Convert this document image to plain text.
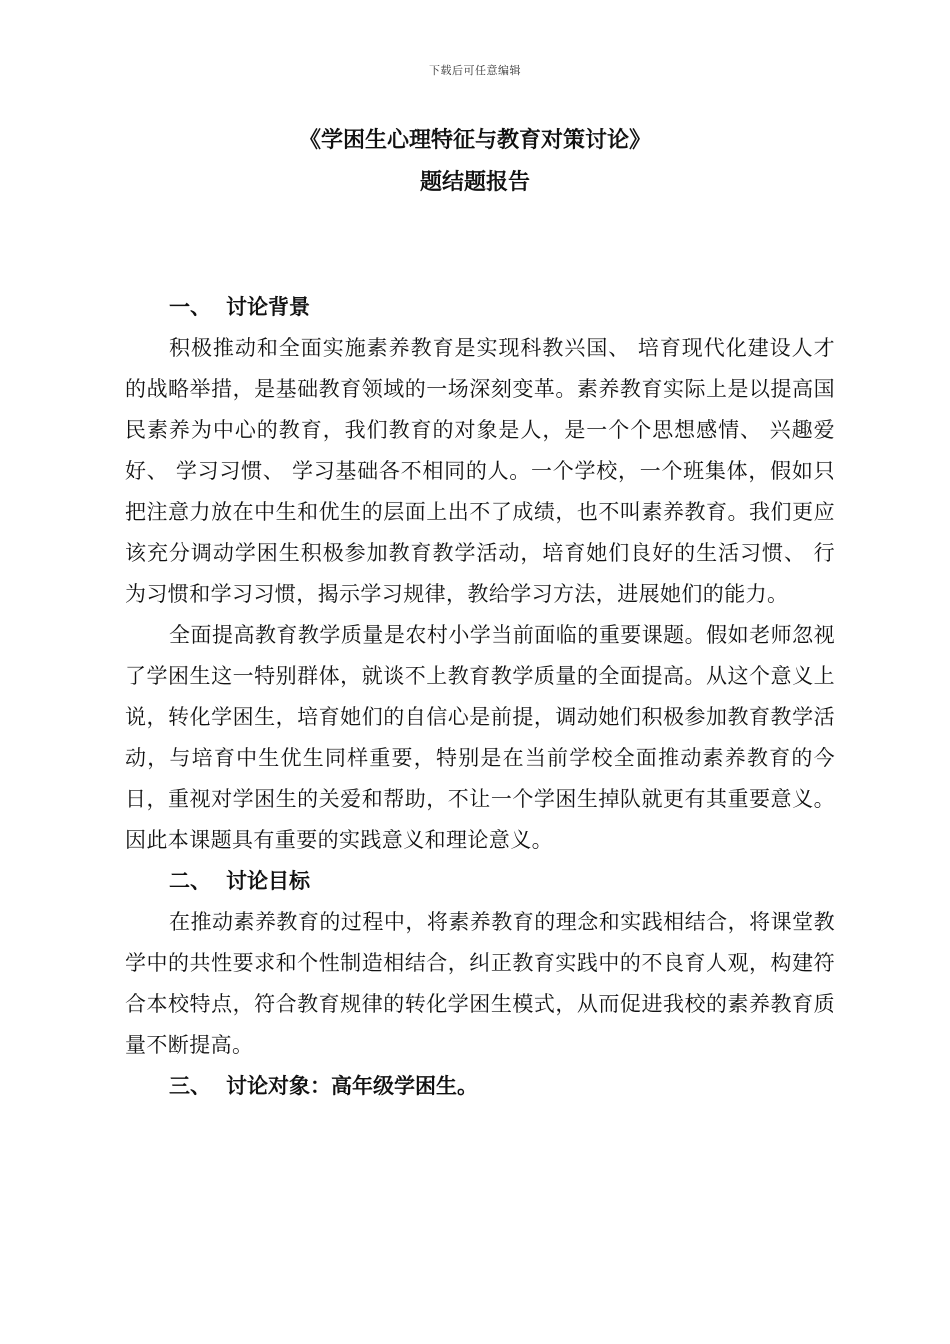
下载后可任意编辑
《学困生心理特征与教育对策讨论》
题结题报告
一、 讨论背景

积极推动和全面实施素养教育是实现科教兴国、 培育现代化建设人才的战略举措，是基础教育领域的一场深刻变革。素养教育实际上是以提高国民素养为中心的教育，我们教育的对象是人，是一个个思想感情、 兴趣爱好、 学习习惯、 学习基础各不相同的人。一个学校，一个班集体，假如只把注意力放在中生和优生的层面上出不了成绩，也不叫素养教育。我们更应该充分调动学困生积极参加教育教学活动，培育她们良好的生活习惯、 行为习惯和学习习惯，揭示学习规律，教给学习方法，进展她们的能力。

全面提高教育教学质量是农村小学当前面临的重要课题。假如老师忽视了学困生这一特别群体，就谈不上教育教学质量的全面提高。从这个意义上说，转化学困生，培育她们的自信心是前提，调动她们积极参加教育教学活动，与培育中生优生同样重要，特别是在当前学校全面推动素养教育的今日，重视对学困生的关爱和帮助，不让一个学困生掉队就更有其重要意义。因此本课题具有重要的实践意义和理论意义。

二、 讨论目标

在推动素养教育的过程中，将素养教育的理念和实践相结合，将课堂教学中的共性要求和个性制造相结合，纠正教育实践中的不良育人观，构建符合本校特点，符合教育规律的转化学困生模式，从而促进我校的素养教育质量不断提高。

三、 讨论对象：高年级学困生。
